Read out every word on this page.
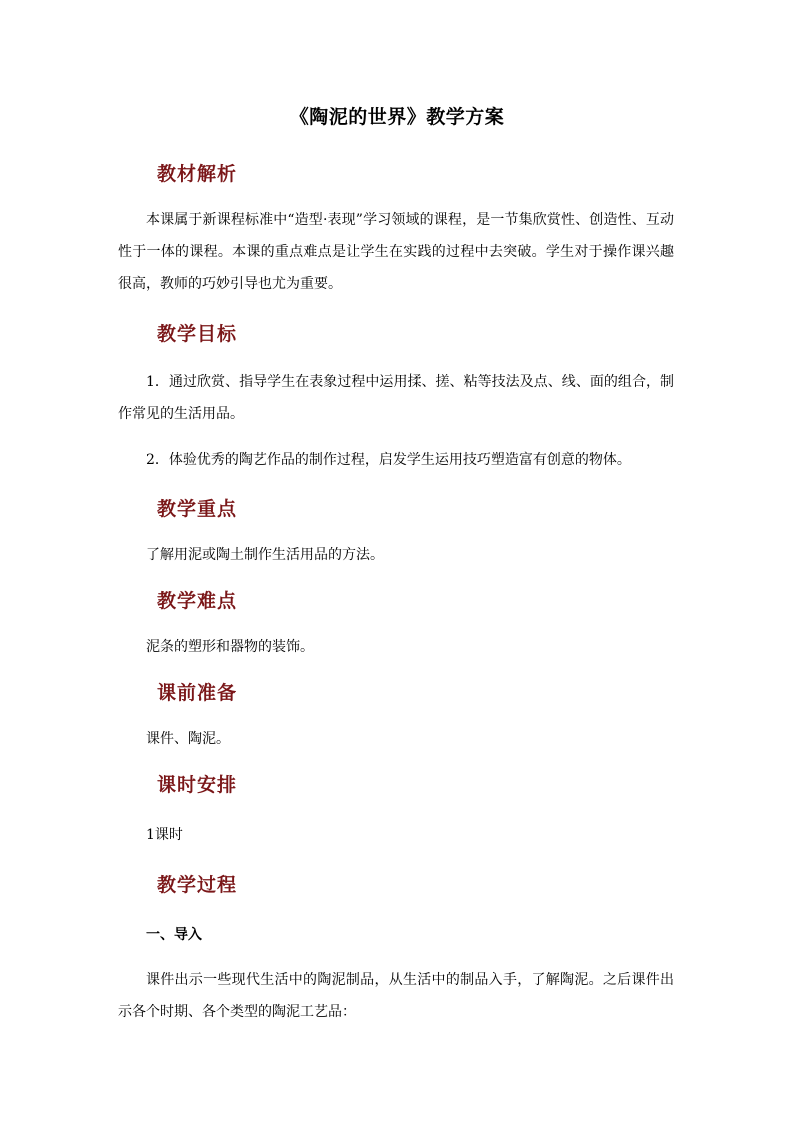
《陶泥的世界》教学方案
教材解析
本课属于新课程标准中“造型·表现”学习领域的课程，是一节集欣赏性、创造性、互动性于一体的课程。本课的重点难点是让学生在实践的过程中去突破。学生对于操作课兴趣很高，教师的巧妙引导也尤为重要。
教学目标
1．通过欣赏、指导学生在表象过程中运用揉、搓、粘等技法及点、线、面的组合，制作常见的生活用品。
2．体验优秀的陶艺作品的制作过程，启发学生运用技巧塑造富有创意的物体。
教学重点
了解用泥或陶土制作生活用品的方法。
教学难点
泥条的塑形和器物的装饰。
课前准备
课件、陶泥。
课时安排
1课时
教学过程
一、导入
课件出示一些现代生活中的陶泥制品，从生活中的制品入手，了解陶泥。之后课件出示各个时期、各个类型的陶泥工艺品：
